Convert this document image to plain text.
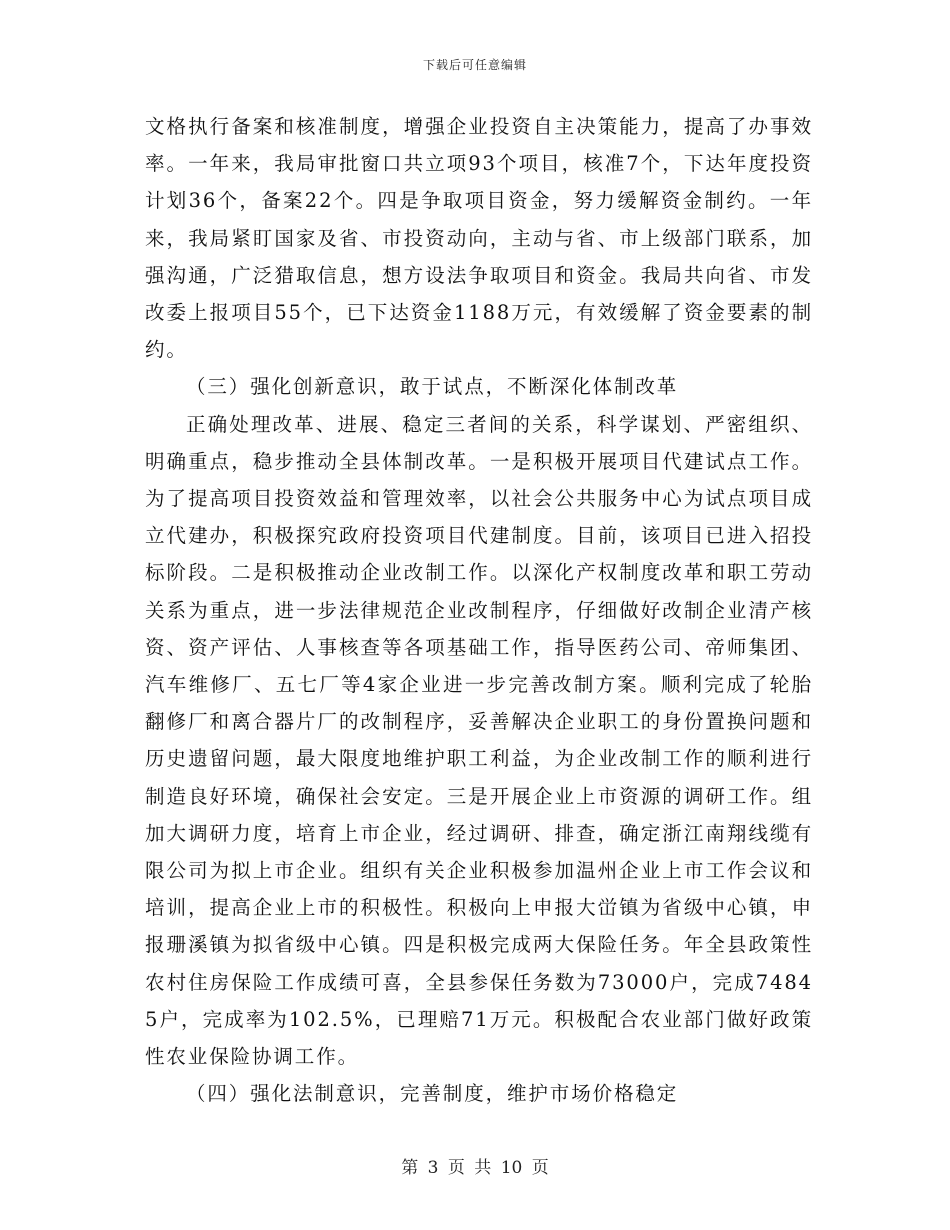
下载后可任意编辑

文格执行备案和核准制度，增强企业投资自主决策能力，提高了办事效率。一年来，我局审批窗口共立项93个项目，核准7个，下达年度投资计划36个，备案22个。四是争取项目资金，努力缓解资金制约。一年来，我局紧盯国家及省、市投资动向，主动与省、市上级部门联系，加强沟通，广泛猎取信息，想方设法争取项目和资金。我局共向省、市发改委上报项目55个，已下达资金1188万元，有效缓解了资金要素的制约。

（三）强化创新意识，敢于试点，不断深化体制改革

正确处理改革、进展、稳定三者间的关系，科学谋划、严密组织、明确重点，稳步推动全县体制改革。一是积极开展项目代建试点工作。为了提高项目投资效益和管理效率，以社会公共服务中心为试点项目成立代建办，积极探究政府投资项目代建制度。目前，该项目已进入招投标阶段。二是积极推动企业改制工作。以深化产权制度改革和职工劳动关系为重点，进一步法律规范企业改制程序，仔细做好改制企业清产核资、资产评估、人事核查等各项基础工作，指导医药公司、帝师集团、汽车维修厂、五七厂等4家企业进一步完善改制方案。顺利完成了轮胎翻修厂和离合器片厂的改制程序，妥善解决企业职工的身份置换问题和历史遗留问题，最大限度地维护职工利益，为企业改制工作的顺利进行制造良好环境，确保社会安定。三是开展企业上市资源的调研工作。组加大调研力度，培育上市企业，经过调研、排查，确定浙江南翔线缆有限公司为拟上市企业。组织有关企业积极参加温州企业上市工作会议和培训，提高企业上市的积极性。积极向上申报大峃镇为省级中心镇，申报珊溪镇为拟省级中心镇。四是积极完成两大保险任务。年全县政策性农村住房保险工作成绩可喜，全县参保任务数为73000户，完成74845户，完成率为102.5%，已理赔71万元。积极配合农业部门做好政策性农业保险协调工作。

（四）强化法制意识，完善制度，维护市场价格稳定

第 3 页 共 10 页
